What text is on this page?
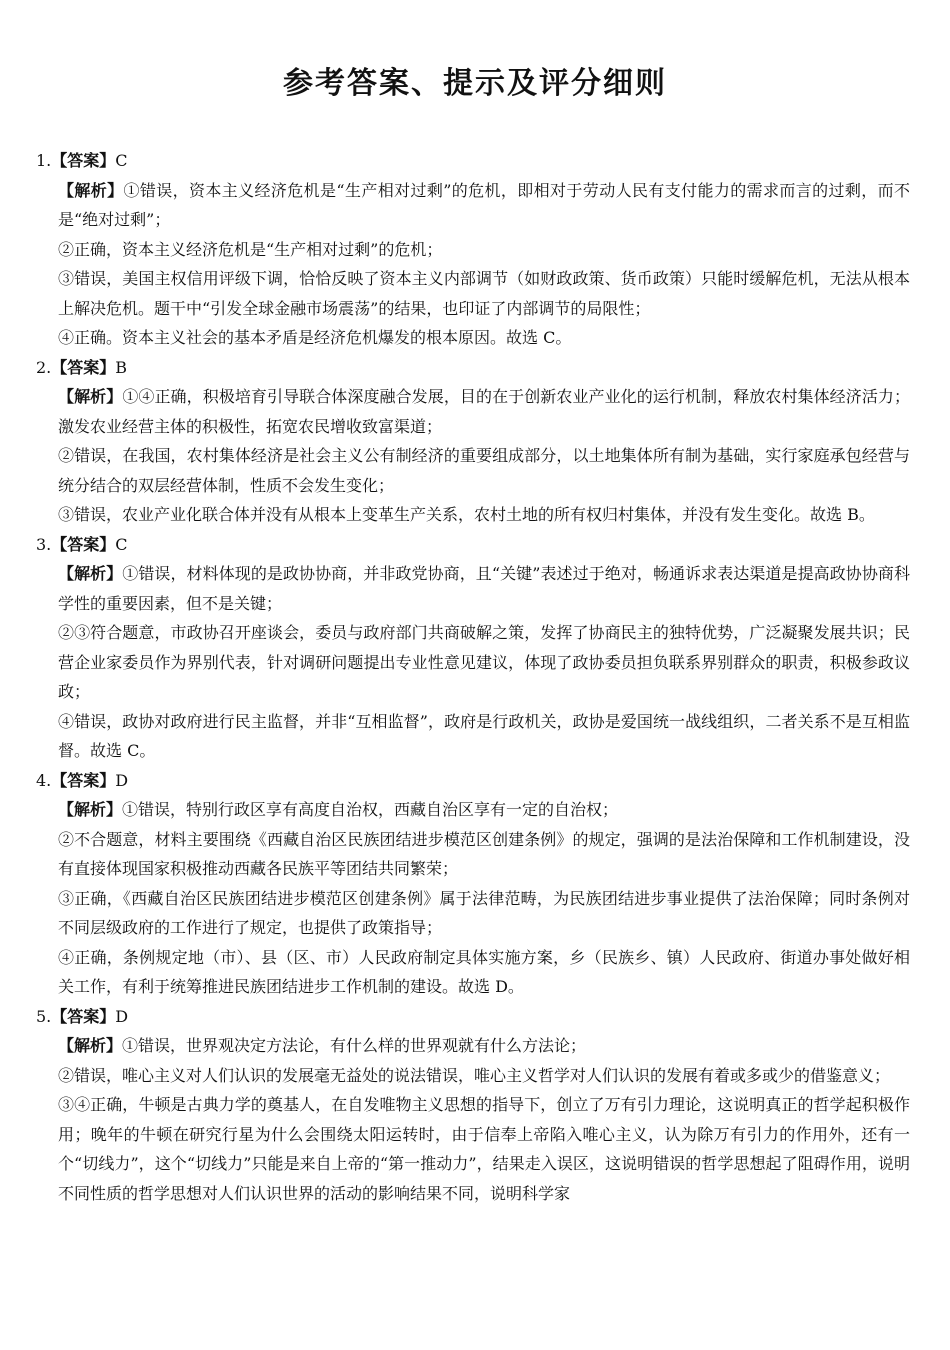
参考答案、提示及评分细则

1.【答案】C

【解析】①错误，资本主义经济危机是“生产相对过剩”的危机，即相对于劳动人民有支付能力的需求而言的过剩，而不是“绝对过剩”；

②正确，资本主义经济危机是“生产相对过剩”的危机；

③错误，美国主权信用评级下调，恰恰反映了资本主义内部调节（如财政政策、货币政策）只能时缓解危机，无法从根本上解决危机。题干中“引发全球金融市场震荡”的结果，也印证了内部调节的局限性；

④正确。资本主义社会的基本矛盾是经济危机爆发的根本原因。故选 C。

2.【答案】B

【解析】①④正确，积极培育引导联合体深度融合发展，目的在于创新农业产业化的运行机制，释放农村集体经济活力；激发农业经营主体的积极性，拓宽农民增收致富渠道；

②错误，在我国，农村集体经济是社会主义公有制经济的重要组成部分，以土地集体所有制为基础，实行家庭承包经营与统分结合的双层经营体制，性质不会发生变化；

③错误，农业产业化联合体并没有从根本上变革生产关系，农村土地的所有权归村集体，并没有发生变化。故选 B。

3.【答案】C

【解析】①错误，材料体现的是政协协商，并非政党协商，且“关键”表述过于绝对，畅通诉求表达渠道是提高政协协商科学性的重要因素，但不是关键；

②③符合题意，市政协召开座谈会，委员与政府部门共商破解之策，发挥了协商民主的独特优势，广泛凝聚发展共识；民营企业家委员作为界别代表，针对调研问题提出专业性意见建议，体现了政协委员担负联系界别群众的职责，积极参政议政；

④错误，政协对政府进行民主监督，并非“互相监督”，政府是行政机关，政协是爱国统一战线组织，二者关系不是互相监督。故选 C。

4.【答案】D

【解析】①错误，特别行政区享有高度自治权，西藏自治区享有一定的自治权；

②不合题意，材料主要围绕《西藏自治区民族团结进步模范区创建条例》的规定，强调的是法治保障和工作机制建设，没有直接体现国家积极推动西藏各民族平等团结共同繁荣；

③正确，《西藏自治区民族团结进步模范区创建条例》属于法律范畴，为民族团结进步事业提供了法治保障；同时条例对不同层级政府的工作进行了规定，也提供了政策指导；

④正确，条例规定地（市）、县（区、市）人民政府制定具体实施方案，乡（民族乡、镇）人民政府、街道办事处做好相关工作，有利于统筹推进民族团结进步工作机制的建设。故选 D。

5.【答案】D

【解析】①错误，世界观决定方法论，有什么样的世界观就有什么方法论；

②错误，唯心主义对人们认识的发展毫无益处的说法错误，唯心主义哲学对人们认识的发展有着或多或少的借鉴意义；

③④正确，牛顿是古典力学的奠基人，在自发唯物主义思想的指导下，创立了万有引力理论，这说明真正的哲学起积极作用；晚年的牛顿在研究行星为什么会围绕太阳运转时，由于信奉上帝陷入唯心主义，认为除万有引力的作用外，还有一个“切线力”，这个“切线力”只能是来自上帝的“第一推动力”，结果走入误区，这说明错误的哲学思想起了阻碍作用，说明不同性质的哲学思想对人们认识世界的活动的影响结果不同，说明科学家
